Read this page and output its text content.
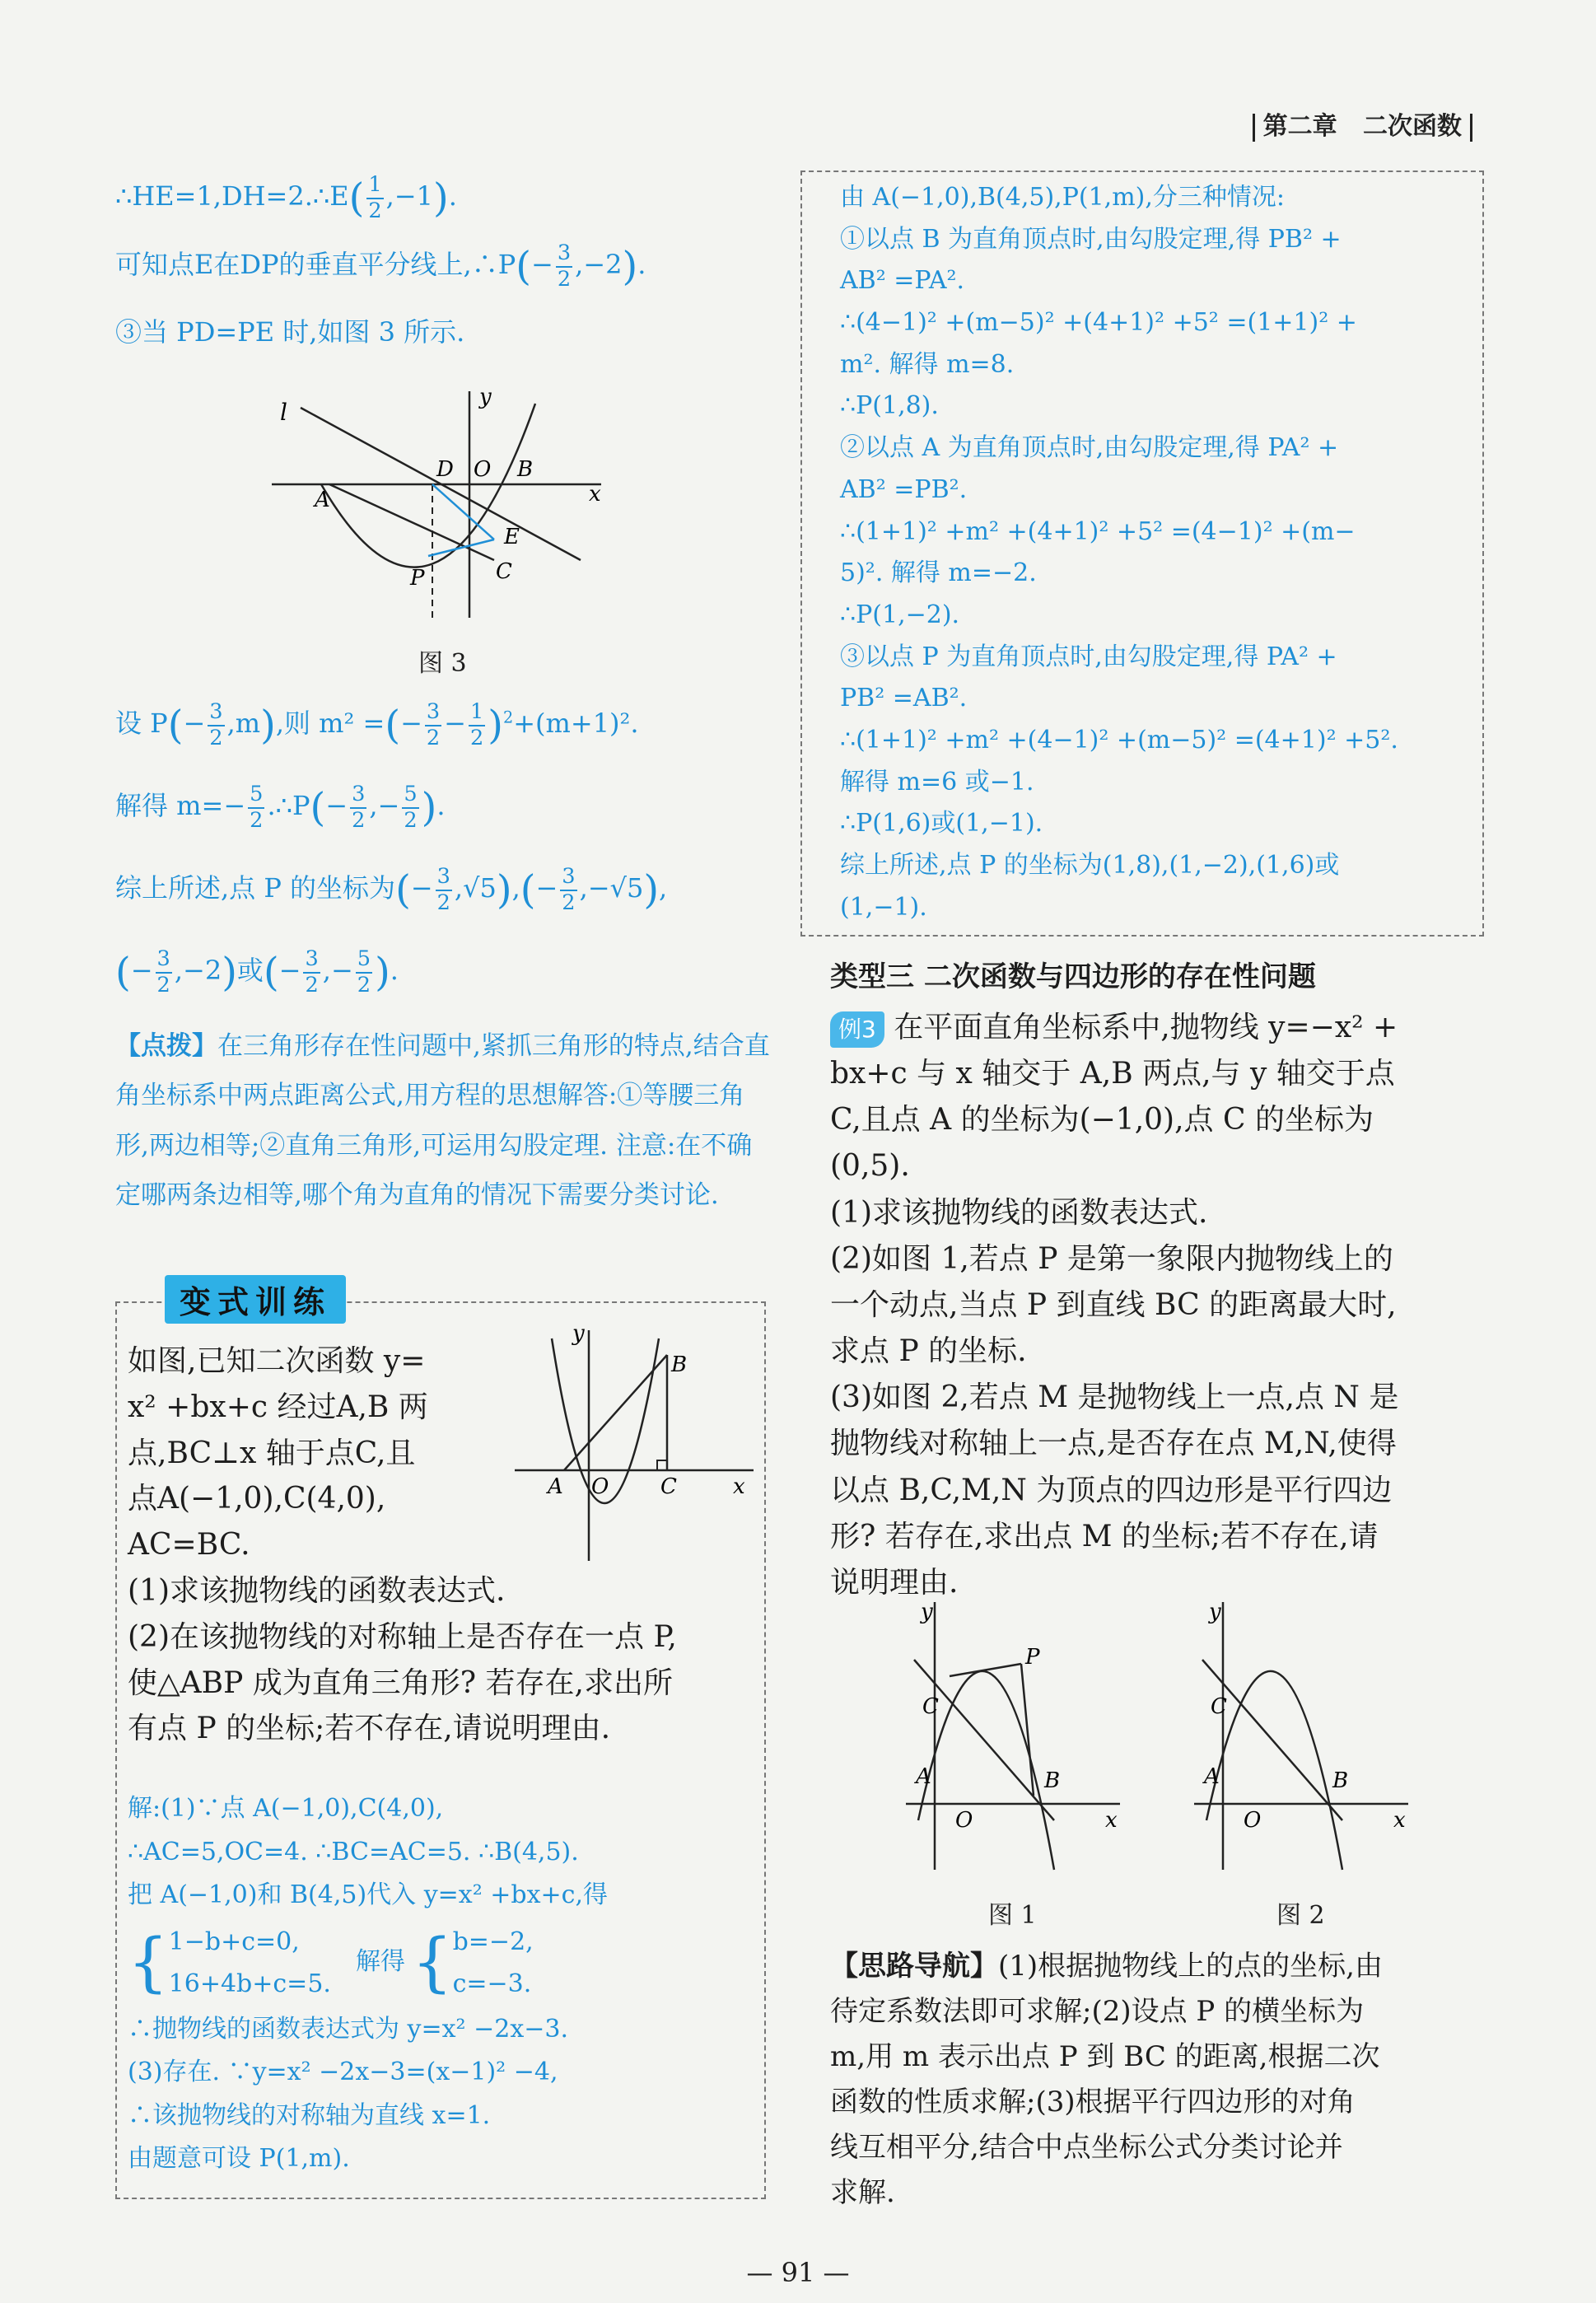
第二章 二次函数
∴HE=1,DH=2.∴E( $\frac{1}{2} ,-1$).
可知点E在DP的垂直平分线上,∴P(− $\frac{3}{2} ,-2$).
③当 PD=PE 时,如图 3 所示.
l
y
D O B
x
A
E
C
P
图 3
设 $P(- \frac{3}{2} ,m)$,则 m² =(− $\frac{3}{2} - \frac{1}{2} )^2+(m+1)^2$.
解得 $m=- \frac{5}{2}$ .∴P(− $\frac{3}{2}$ ,− $\frac{5}{2}$ ).
综上所述,点 P 的坐标为(− $\frac{3}{2} ,√5),(- \frac{3}{2} ,-√5)$,
(− $\frac{3}{2} ,-2$)或(− $\frac{3}{2}$ ,− $\frac{5}{2}$ ).
【点拨】在三角形存在性问题中,紧抓三角形的特点,结合直角坐标系中两点距离公式,用方程的思想解答:①等腰三角形,两边相等;②直角三角形,可运用勾股定理. 注意:在不确定哪两条边相等,哪个角为直角的情况下需要分类讨论.
变式训练
如图,已知二次函数 y=
x² +bx+c 经过A,B 两
点,BC⊥x 轴于点C,且
点A(−1,0),C(4,0),
AC=BC.
(1)求该抛物线的函数表达式.
(2)在该抛物线的对称轴上是否存在一点 P,
使△ABP 成为直角三角形? 若存在,求出所
有点 P 的坐标;若不存在,请说明理由.
y
B
A O C	x
解:(1)∵点 A(−1,0),C(4,0),
∴AC=5,OC=4. ∴BC=AC=5. ∴B(4,5).
把 A(−1,0)和 B(4,5)代入 y=x² +bx+c,得
{ 1−b+c=0,
16+4b+c=5.
解得 { b=−2,
c=−3.
∴抛物线的函数表达式为 y=x² −2x−3.
(3)存在. ∵y=x² −2x−3=(x−1)² −4,
∴该抛物线的对称轴为直线 x=1.
由题意可设 P(1,m).
由 A(−1,0),B(4,5),P(1,m),分三种情况:
①以点 B 为直角顶点时,由勾股定理,得 PB² +
AB² =PA².
∴(4−1)² +(m−5)² +(4+1)² +5² =(1+1)² +
m². 解得 m=8.
∴P(1,8).
②以点 A 为直角顶点时,由勾股定理,得 PA² +
AB² =PB².
∴(1+1)² +m² +(4+1)² +5² =(4−1)² +(m−
5)². 解得 m=−2.
∴P(1,−2).
③以点 P 为直角顶点时,由勾股定理,得 PA² +
PB² =AB².
∴(1+1)² +m² +(4−1)² +(m−5)² =(4+1)² +5².
解得 m=6 或−1.
∴P(1,6)或(1,−1).
综上所述,点 P 的坐标为(1,8),(1,−2),(1,6)或
(1,−1).
类型三 二次函数与四边形的存在性问题
例3 在平面直角坐标系中,抛物线 y=−x² +
bx+c 与 x 轴交于 A,B 两点,与 y 轴交于点
C,且点 A 的坐标为(−1,0),点 C 的坐标为
(0,5).
(1)求该抛物线的函数表达式.
(2)如图 1,若点 P 是第一象限内抛物线上的
一个动点,当点 P 到直线 BC 的距离最大时,
求点 P 的坐标.
(3)如图 2,若点 M 是抛物线上一点,点 N 是
抛物线对称轴上一点,是否存在点 M,N,使得
以点 B,C,M,N 为顶点的四边形是平行四边
形? 若存在,求出点 M 的坐标;若不存在,请
说明理由.
y
P
C
A	B
O	x
图 1
y
C
A	B
O	x
图 2
【思路导航】(1)根据抛物线上的点的坐标,由
待定系数法即可求解;(2)设点 P 的横坐标为
m,用 m 表示出点 P 到 BC 的距离,根据二次
函数的性质求解;(3)根据平行四边形的对角
线互相平分,结合中点坐标公式分类讨论并
求解.
— 91 —
